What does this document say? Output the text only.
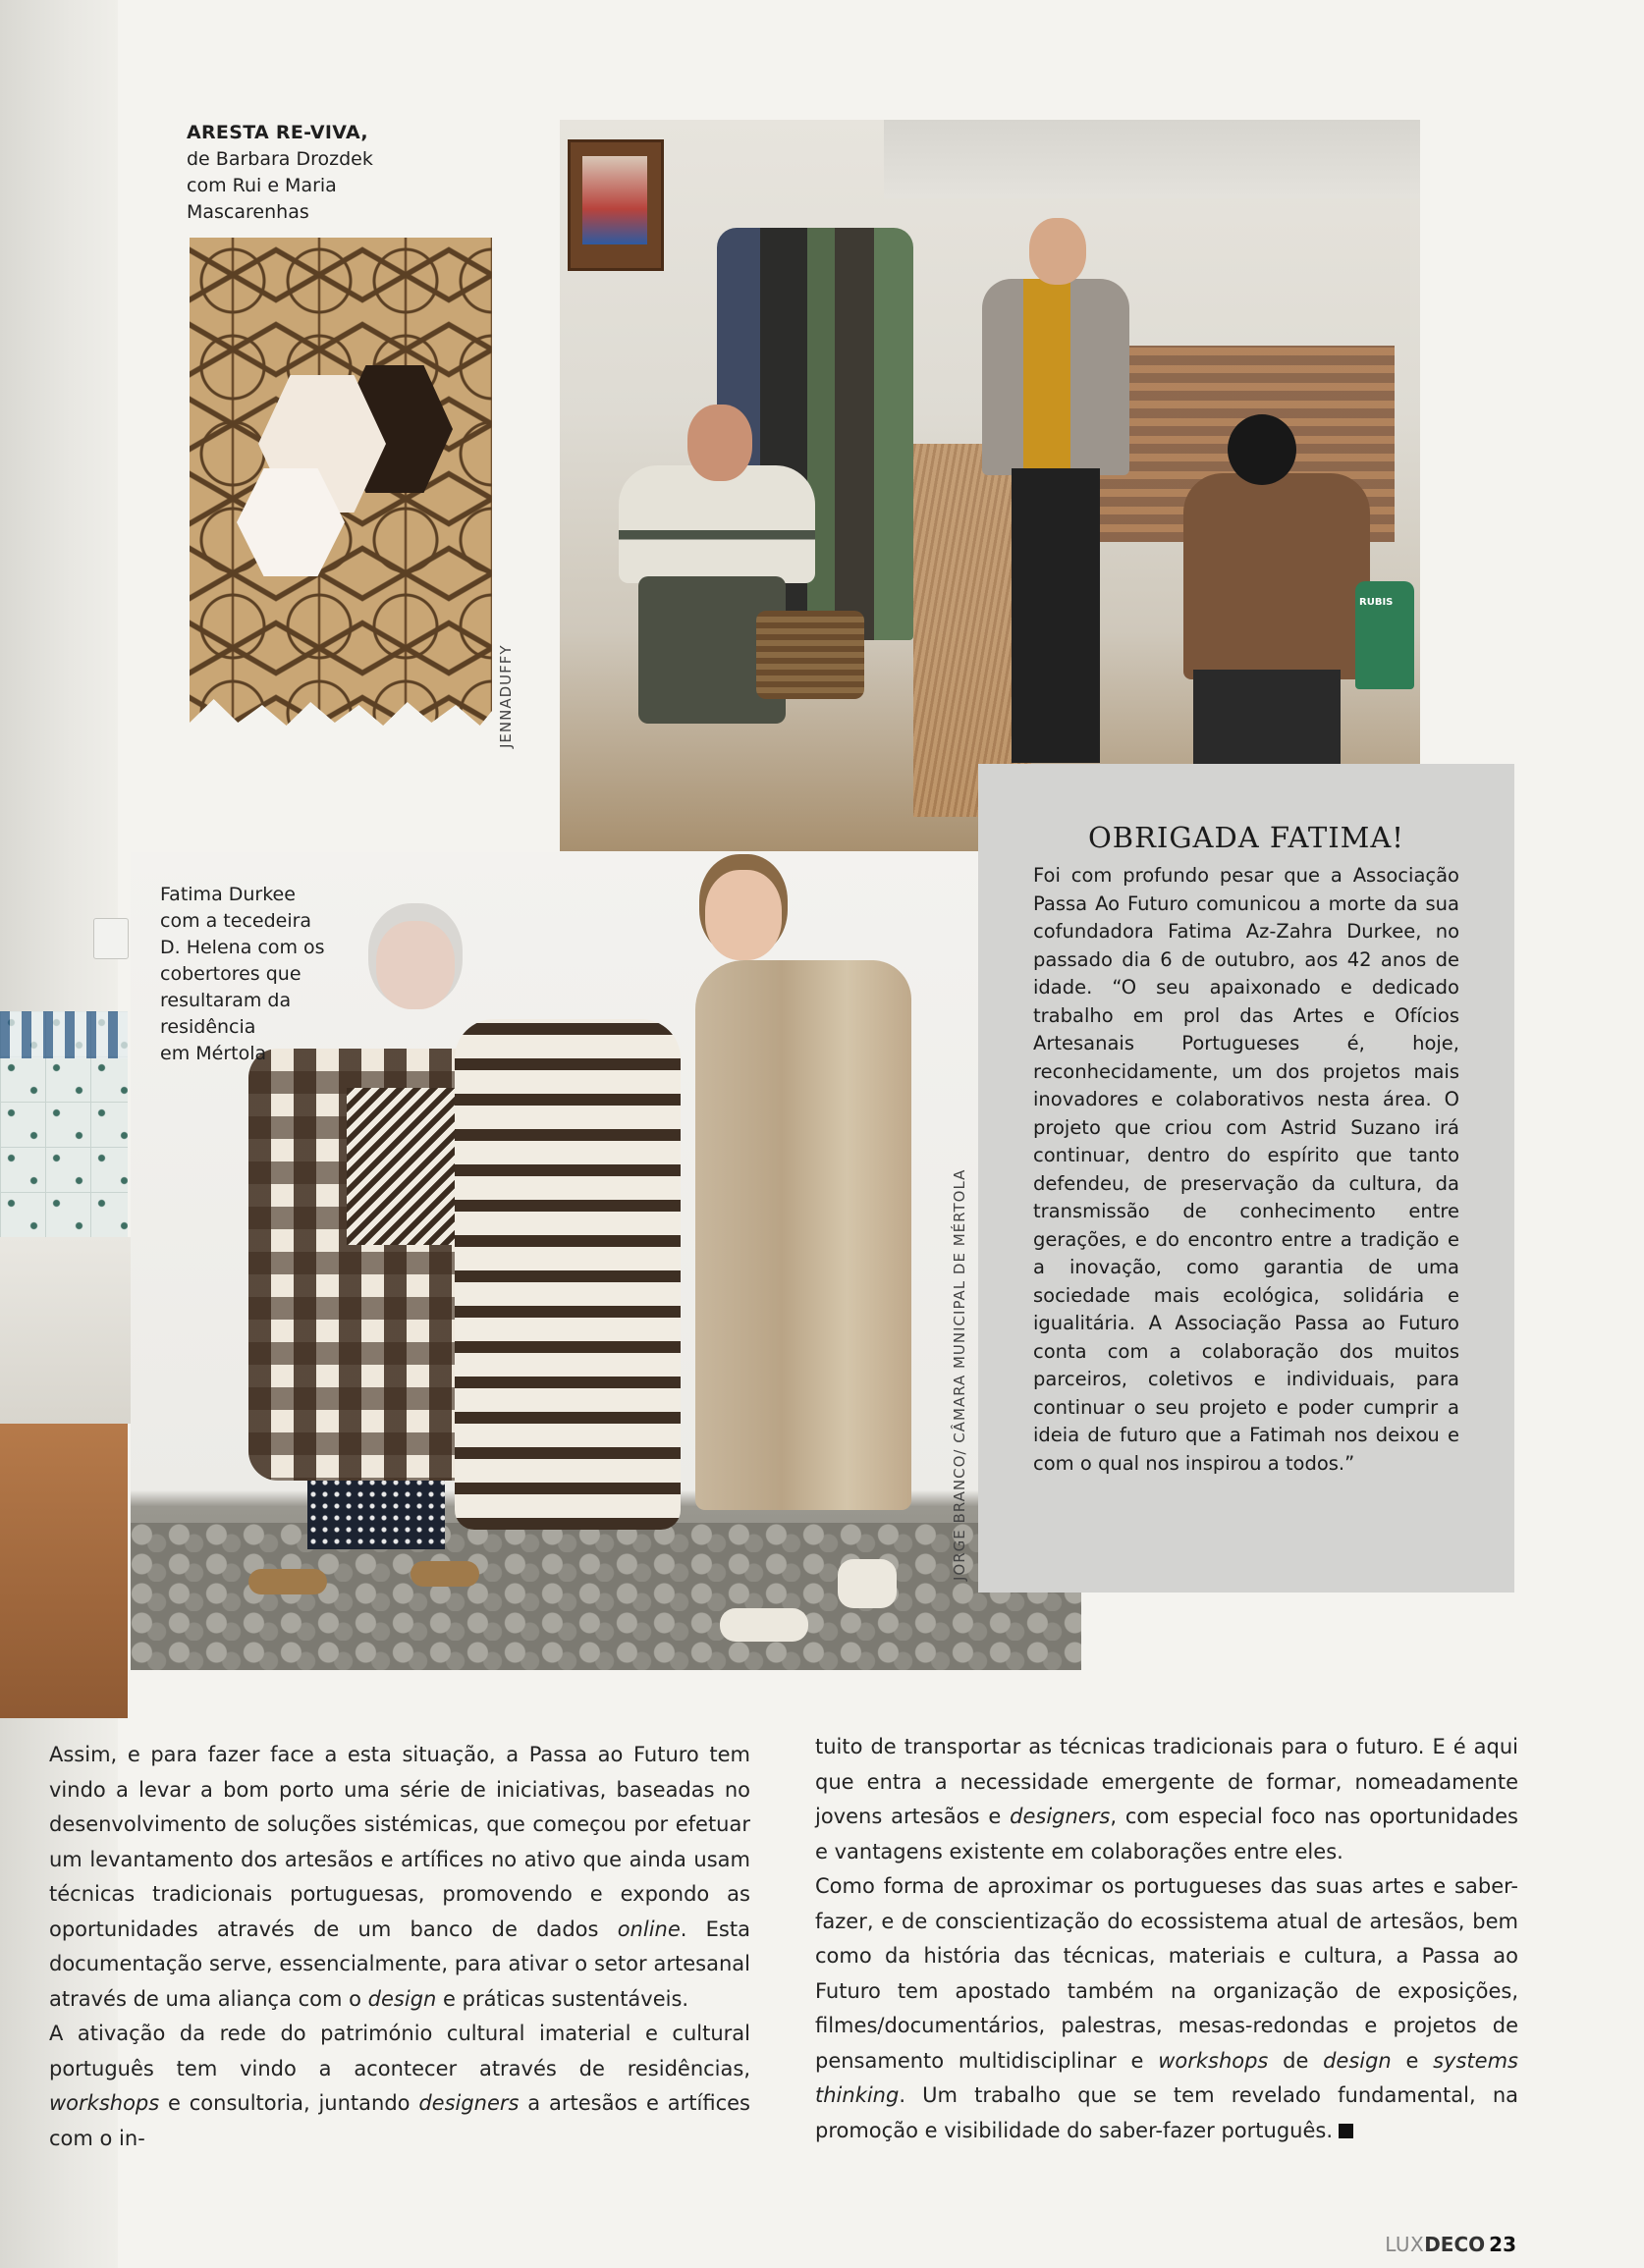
ARESTA RE-VIVA,
de Barbara Drozdek
com Rui e Maria
Mascarenhas
JENNADUFFY
RUBIS
JORGE BRANCO/ CÂMARA MUNICIPAL DE MÉRTOLA
Fatima Durkee
com a tecedeira
D. Helena com os
cobertores que
resultaram da
residência
em Mértola
OBRIGADA FATIMA!

Foi com profundo pesar que a Associação Passa Ao Futuro comunicou a morte da sua cofundadora Fatima Az-Zahra Durkee, no passado dia 6 de outubro, aos 42 anos de idade. “O seu apaixonado e dedicado trabalho em prol das Artes e Ofícios Artesanais Portugueses é, hoje, reconhecidamente, um dos projetos mais inovadores e colaborativos nesta área. O projeto que criou com Astrid Suzano irá continuar, dentro do espírito que tanto defendeu, de preservação da cultura, da transmissão de conhecimento entre gerações, e do encontro entre a tradição e a inovação, como garantia de uma sociedade mais ecológica, solidária e igualitária. A Associação Passa ao Futuro conta com a colaboração dos muitos parceiros, coletivos e individuais, para continuar o seu projeto e poder cumprir a ideia de futuro que a Fatimah nos deixou e com o qual nos inspirou a todos.”

Assim, e para fazer face a esta situação, a Passa ao Futuro tem vindo a levar a bom porto uma série de iniciativas, baseadas no desenvolvimento de soluções sistémicas, que começou por efetuar um levantamento dos artesãos e artífices no ativo que ainda usam técnicas tradicionais portuguesas, promovendo e expondo as oportunidades através de um banco de dados online. Esta documentação serve, essencialmente, para ativar o setor artesanal através de uma aliança com o design e práticas sustentáveis.

A ativação da rede do património cultural imaterial e cultural português tem vindo a acontecer através de residências, workshops e consultoria, juntando designers a artesãos e artífices com o in-

tuito de transportar as técnicas tradicionais para o futuro. E é aqui que entra a necessidade emergente de formar, nomeadamente jovens artesãos e designers, com especial foco nas oportunidades e vantagens existente em colaborações entre eles.

Como forma de aproximar os portugueses das suas artes e saber-fazer, e de conscientização do ecossistema atual de artesãos, bem como da história das técnicas, materiais e cultura, a Passa ao Futuro tem apostado também na organização de exposições, filmes/documentários, palestras, mesas-redondas e projetos de pensamento multidisciplinar e workshops de design e systems thinking. Um trabalho que se tem revelado fundamental, na promoção e visibilidade do saber-fazer português.

LUXDECO 23
